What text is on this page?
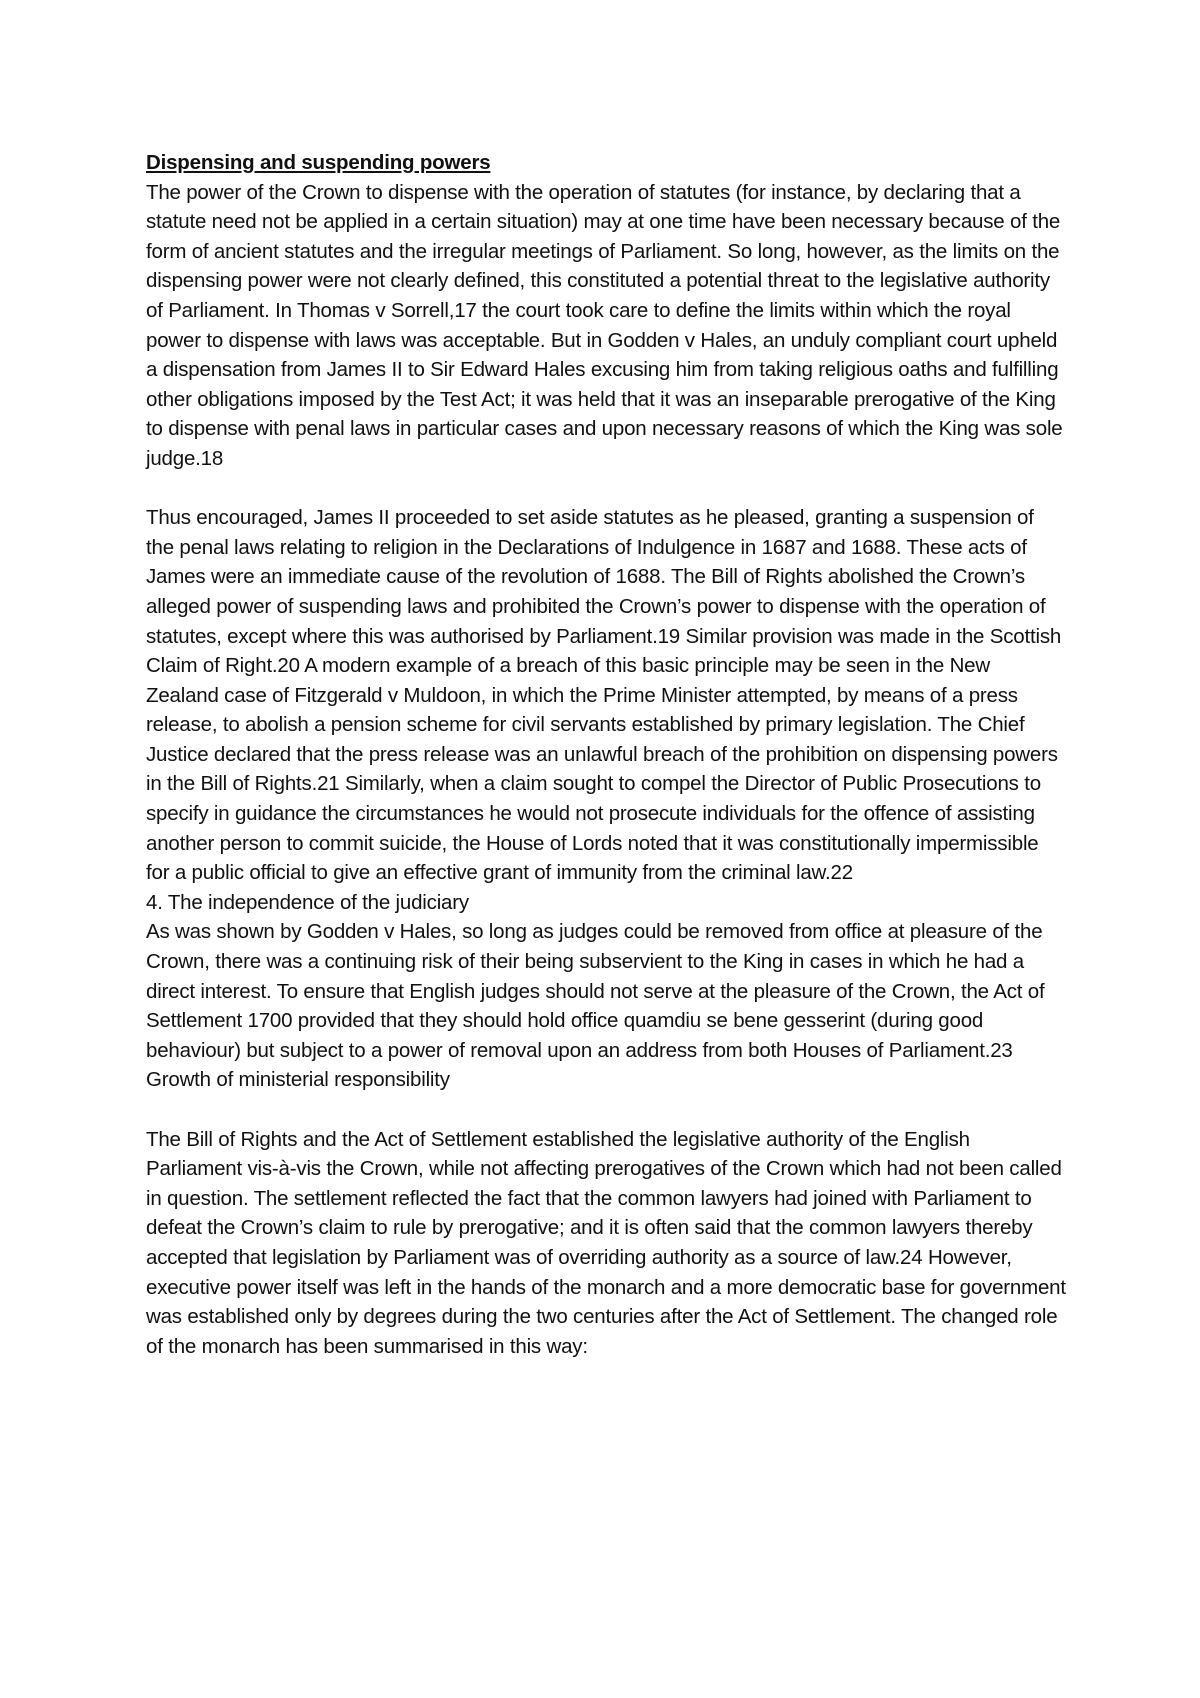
Dispensing and suspending powers

The power of the Crown to dispense with the operation of statutes (for instance, by declaring that a statute need not be applied in a certain situation) may at one time have been necessary because of the form of ancient statutes and the irregular meetings of Parliament. So long, however, as the limits on the dispensing power were not clearly defined, this constituted a potential threat to the legislative authority of Parliament. In Thomas v Sorrell,17 the court took care to define the limits within which the royal power to dispense with laws was acceptable. But in Godden v Hales, an unduly compliant court upheld a dispensation from James II to Sir Edward Hales excusing him from taking religious oaths and fulfilling other obligations imposed by the Test Act; it was held that it was an inseparable prerogative of the King to dispense with penal laws in particular cases and upon necessary reasons of which the King was sole judge.18

Thus encouraged, James II proceeded to set aside statutes as he pleased, granting a suspension of the penal laws relating to religion in the Declarations of Indulgence in 1687 and 1688. These acts of James were an immediate cause of the revolution of 1688. The Bill of Rights abolished the Crown’s alleged power of suspending laws and prohibited the Crown’s power to dispense with the operation of statutes, except where this was authorised by Parliament.19 Similar provision was made in the Scottish Claim of Right.20 A modern example of a breach of this basic principle may be seen in the New Zealand case of Fitzgerald v Muldoon, in which the Prime Minister attempted, by means of a press release, to abolish a pension scheme for civil servants established by primary legislation. The Chief Justice declared that the press release was an unlawful breach of the prohibition on dispensing powers in the Bill of Rights.21 Similarly, when a claim sought to compel the Director of Public Prosecutions to specify in guidance the circumstances he would not prosecute individuals for the offence of assisting another person to commit suicide, the House of Lords noted that it was constitutionally impermissible for a public official to give an effective grant of immunity from the criminal law.22

4. The independence of the judiciary

As was shown by Godden v Hales, so long as judges could be removed from office at pleasure of the Crown, there was a continuing risk of their being subservient to the King in cases in which he had a direct interest. To ensure that English judges should not serve at the pleasure of the Crown, the Act of Settlement 1700 provided that they should hold office quamdiu se bene gesserint (during good behaviour) but subject to a power of removal upon an address from both Houses of Parliament.23

Growth of ministerial responsibility

The Bill of Rights and the Act of Settlement established the legislative authority of the English Parliament vis-à-vis the Crown, while not affecting prerogatives of the Crown which had not been called in question. The settlement reflected the fact that the common lawyers had joined with Parliament to defeat the Crown’s claim to rule by prerogative; and it is often said that the common lawyers thereby accepted that legislation by Parliament was of overriding authority as a source of law.24 However, executive power itself was left in the hands of the monarch and a more democratic base for government was established only by degrees during the two centuries after the Act of Settlement. The changed role of the monarch has been summarised in this way:
